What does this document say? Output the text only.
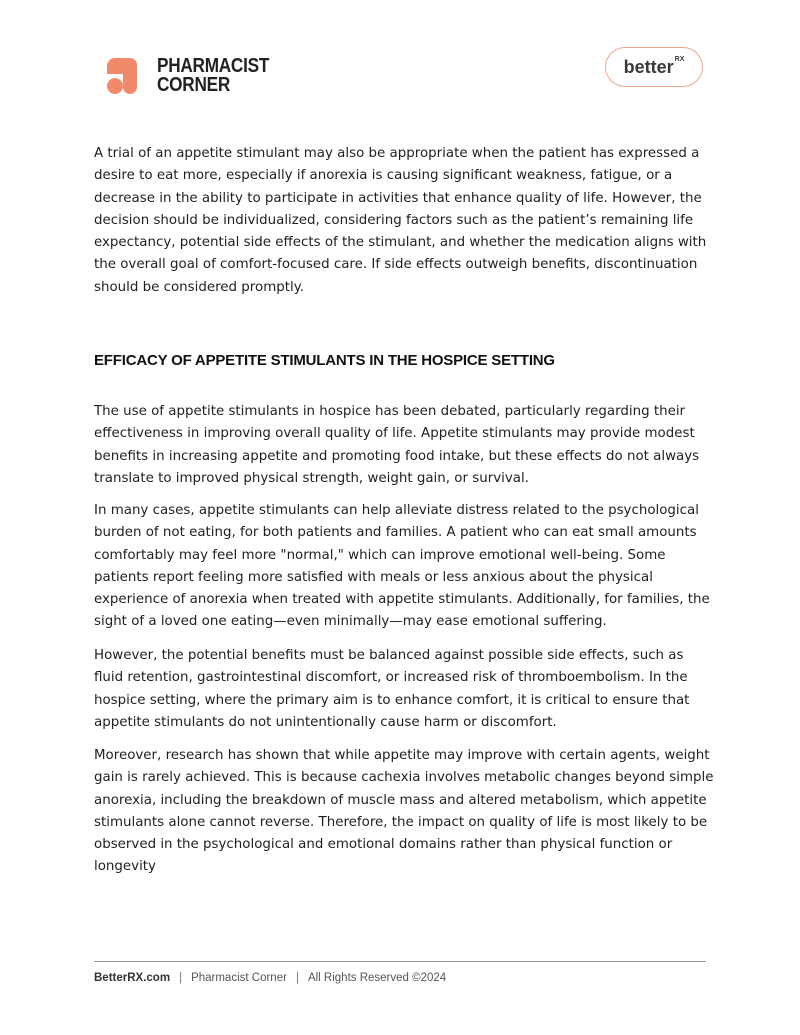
PHARMACIST
CORNER
better RX

A trial of an appetite stimulant may also be appropriate when the patient has expressed a desire to eat more, especially if anorexia is causing significant weakness, fatigue, or a decrease in the ability to participate in activities that enhance quality of life. However, the decision should be individualized, considering factors such as the patient’s remaining life expectancy, potential side effects of the stimulant, and whether the medication aligns with the overall goal of comfort-focused care. If side effects outweigh benefits, discontinuation should be considered promptly.

EFFICACY OF APPETITE STIMULANTS IN THE HOSPICE SETTING

The use of appetite stimulants in hospice has been debated, particularly regarding their effectiveness in improving overall quality of life. Appetite stimulants may provide modest benefits in increasing appetite and promoting food intake, but these effects do not always translate to improved physical strength, weight gain, or survival.

In many cases, appetite stimulants can help alleviate distress related to the psychological burden of not eating, for both patients and families. A patient who can eat small amounts comfortably may feel more "normal," which can improve emotional well-being. Some patients report feeling more satisfied with meals or less anxious about the physical experience of anorexia when treated with appetite stimulants. Additionally, for families, the sight of a loved one eating—even minimally—may ease emotional suffering.

However, the potential benefits must be balanced against possible side effects, such as fluid retention, gastrointestinal discomfort, or increased risk of thromboembolism. In the hospice setting, where the primary aim is to enhance comfort, it is critical to ensure that appetite stimulants do not unintentionally cause harm or discomfort.

Moreover, research has shown that while appetite may improve with certain agents, weight gain is rarely achieved. This is because cachexia involves metabolic changes beyond simple anorexia, including the breakdown of muscle mass and altered metabolism, which appetite stimulants alone cannot reverse. Therefore, the impact on quality of life is most likely to be observed in the psychological and emotional domains rather than physical function or longevity

BetterRX.com | Pharmacist Corner | All Rights Reserved ©2024
